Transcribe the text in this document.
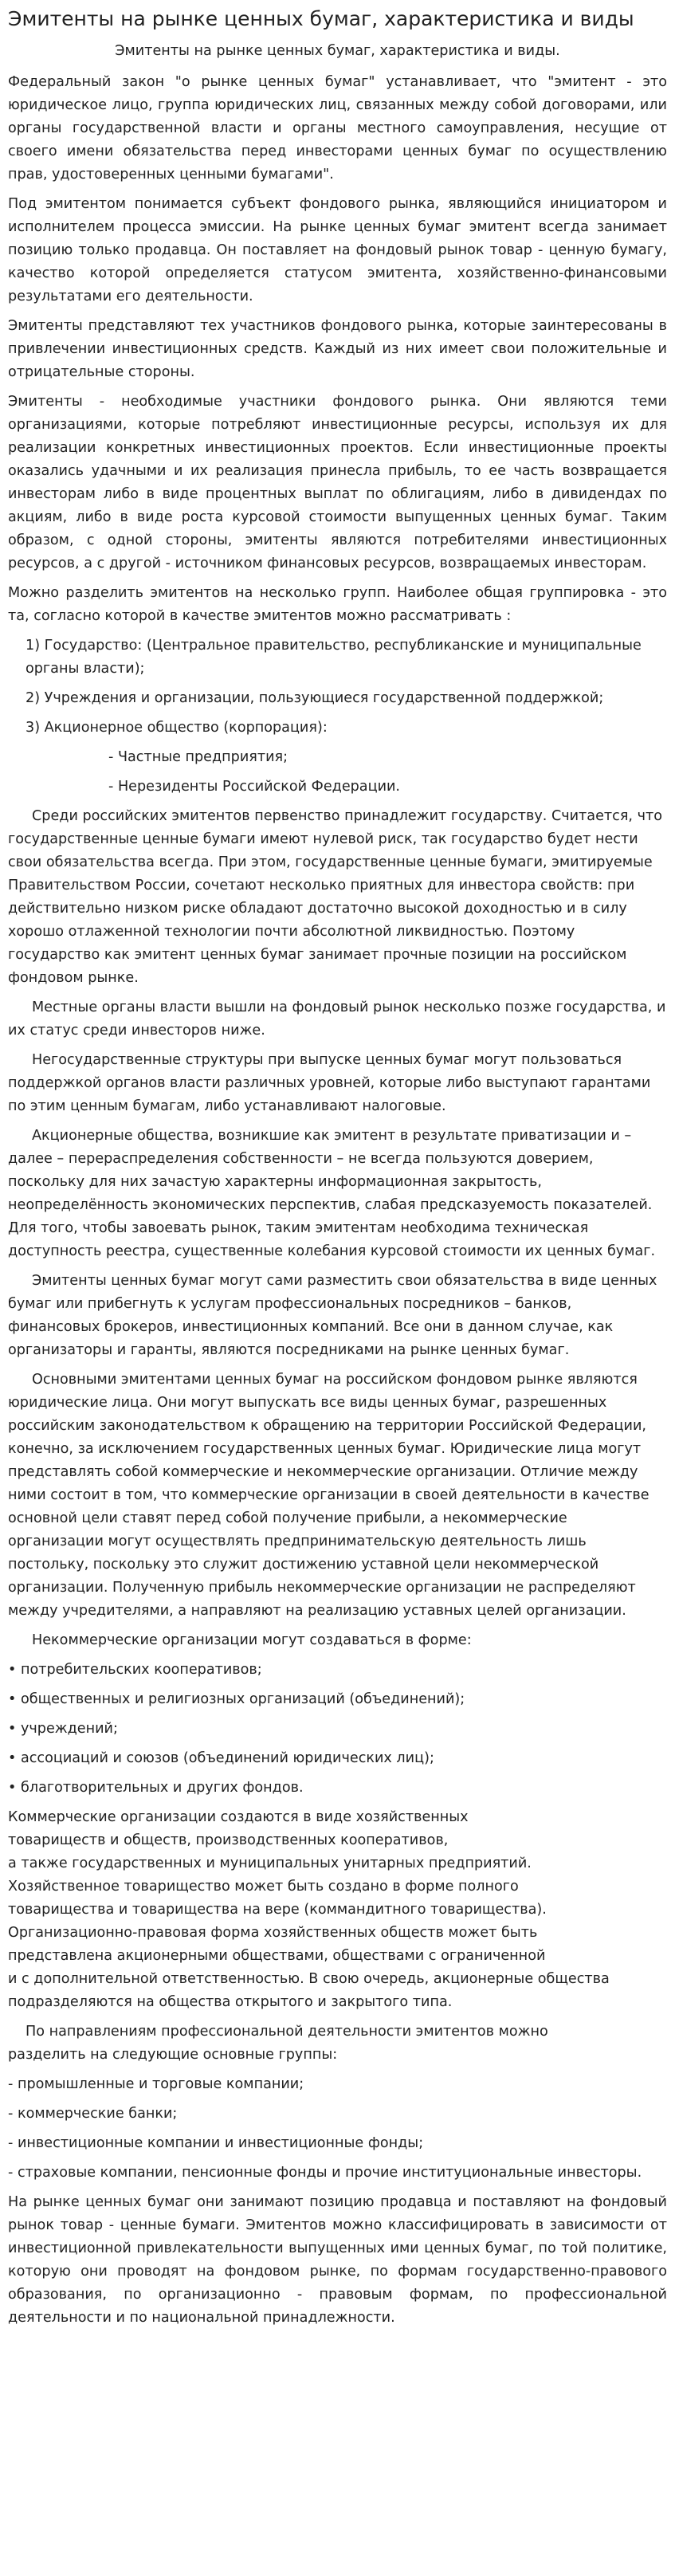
Эмитенты на рынке ценных бумаг, характеристика и виды

Эмитенты на рынке ценных бумаг, характеристика и виды.

Федеральный закон "о рынке ценных бумаг" устанавливает, что "эмитент - это юридическое лицо, группа юридических лиц, связанных между собой договорами, или органы государственной власти и органы местного самоуправления, несущие от своего имени обязательства перед инвесторами ценных бумаг по осуществлению прав, удостоверенных ценными бумагами".

Под эмитентом понимается субъект фондового рынка, являющийся инициатором и исполнителем процесса эмиссии. На рынке ценных бумаг эмитент всегда занимает позицию только продавца. Он поставляет на фондовый рынок товар - ценную бумагу, качество которой определяется статусом эмитента, хозяйственно-финансовыми результатами его деятельности.

Эмитенты представляют тех участников фондового рынка, которые заинтересованы в привлечении инвестиционных средств. Каждый из них имеет свои положительные и отрицательные стороны.

Эмитенты - необходимые участники фондового рынка. Они являются теми организациями, которые потребляют инвестиционные ресурсы, используя их для реализации конкретных инвестиционных проектов. Если инвестиционные проекты оказались удачными и их реализация принесла прибыль, то ее часть возвращается инвесторам либо в виде процентных выплат по облигациям, либо в дивидендах по акциям, либо в виде роста курсовой стоимости выпущенных ценных бумаг. Таким образом, с одной стороны, эмитенты являются потребителями инвестиционных ресурсов, а с другой - источником финансовых ресурсов, возвращаемых инвесторам.

Можно разделить эмитентов на несколько групп. Наиболее общая группировка - это та, согласно которой в качестве эмитентов можно рассматривать :

1) Государство: (Центральное правительство, республиканские и муниципальные органы власти);

2) Учреждения и организации, пользующиеся государственной поддержкой;

3) Акционерное общество (корпорация):

- Частные предприятия;

- Нерезиденты Российской Федерации.

Среди российских эмитентов первенство принадлежит государству. Считается, что государственные ценные бумаги имеют нулевой риск, так государство будет нести свои обязательства всегда. При этом, государственные ценные бумаги, эмитируемые Правительством России, сочетают несколько приятных для инвестора свойств: при действительно низком риске обладают достаточно высокой доходностью и в силу хорошо отлаженной технологии почти абсолютной ликвидностью. Поэтому государство как эмитент ценных бумаг занимает прочные позиции на российском фондовом рынке.

Местные органы власти вышли на фондовый рынок несколько позже государства, и их статус среди инвесторов ниже.

Негосударственные структуры при выпуске ценных бумаг могут пользоваться поддержкой органов власти различных уровней, которые либо выступают гарантами по этим ценным бумагам, либо устанавливают налоговые.

Акционерные общества, возникшие как эмитент в результате приватизации и – далее – перераспределения собственности – не всегда пользуются доверием, поскольку для них зачастую характерны информационная закрытость, неопределённость экономических перспектив, слабая предсказуемость показателей. Для того, чтобы завоевать рынок, таким эмитентам необходима техническая доступность реестра, существенные колебания курсовой стоимости их ценных бумаг.

Эмитенты ценных бумаг могут сами разместить свои обязательства в виде ценных бумаг или прибегнуть к услугам профессиональных посредников – банков, финансовых брокеров, инвестиционных компаний. Все они в данном случае, как организаторы и гаранты, являются посредниками на рынке ценных бумаг.

Основными эмитентами ценных бумаг на российском фондовом рынке являются юридические лица. Они могут выпускать все виды ценных бумаг, разрешенных российским законодательством к обращению на территории Российской Федерации, конечно, за исключением государственных ценных бумаг. Юридические лица могут представлять собой коммерческие и некоммерческие организации. Отличие между ними состоит в том, что коммерческие организации в своей деятельности в качестве основной цели ставят перед собой получение прибыли, а некоммерческие организации могут осуществлять предпринимательскую деятельность лишь постольку, поскольку это служит достижению уставной цели некоммерческой организации. Полученную прибыль некоммерческие организации не распределяют между учредителями, а направляют на реализацию уставных целей организации.

Некоммерческие организации могут создаваться в форме:

• потребительских кооперативов;

• общественных и религиозных организаций (объединений);

• учреждений;

• ассоциаций и союзов (объединений юридических лиц);

• благотворительных и других фондов.

Коммерческие организации создаются в виде хозяйственных

товариществ и обществ, производственных кооперативов,

а также государственных и муниципальных унитарных предприятий.

Хозяйственное товарищество может быть создано в форме полного

товарищества и товарищества на вере (коммандитного товарищества).

Организационно-правовая форма хозяйственных обществ может быть

представлена акционерными обществами, обществами с ограниченной

и с дополнительной ответственностью. В свою очередь, акционерные общества

подразделяются на общества открытого и закрытого типа.

По направлениям профессиональной деятельности эмитентов можно

разделить на следующие основные группы:

- промышленные и торговые компании;

- коммерческие банки;

- инвестиционные компании и инвестиционные фонды;

- страховые компании, пенсионные фонды и прочие институциональные инвесторы.

На рынке ценных бумаг они занимают позицию продавца и поставляют на фондовый рынок товар - ценные бумаги. Эмитентов можно классифицировать в зависимости от инвестиционной привлекательности выпущенных ими ценных бумаг, по той политике, которую они проводят на фондовом рынке, по формам государственно-правового образования, по организационно - правовым формам, по профессиональной деятельности и по национальной принадлежности.
